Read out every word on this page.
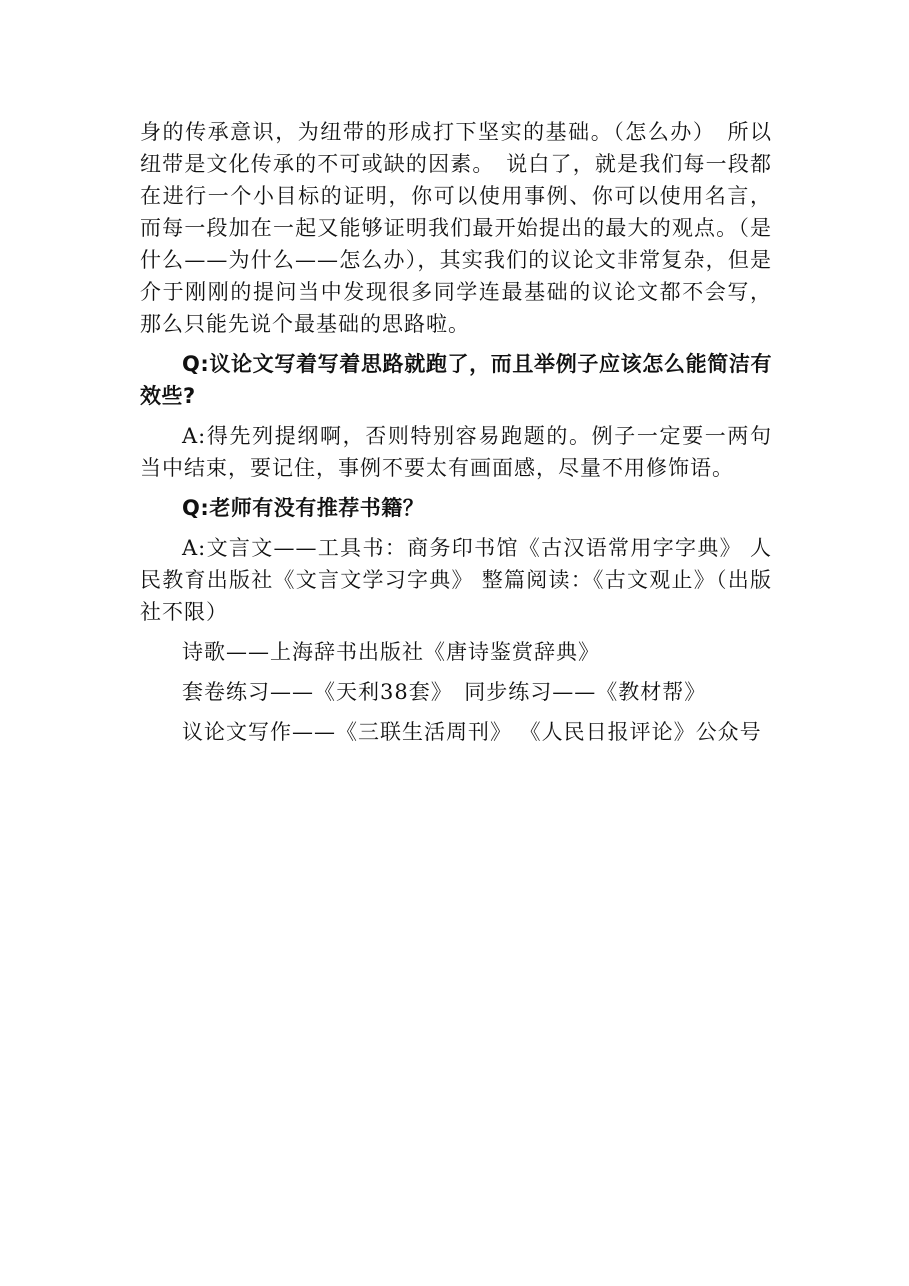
身的传承意识，为纽带的形成打下坚实的基础。（怎么办）　所以纽带是文化传承的不可或缺的因素。　说白了，就是我们每一段都在进行一个小目标的证明，你可以使用事例、你可以使用名言，而每一段加在一起又能够证明我们最开始提出的最大的观点。（是什么——为什么——怎么办），其实我们的议论文非常复杂，但是介于刚刚的提问当中发现很多同学连最基础的议论文都不会写，那么只能先说个最基础的思路啦。

Q:议论文写着写着思路就跑了，而且举例子应该怎么能简洁有效些?

A:得先列提纲啊，否则特别容易跑题的。例子一定要一两句当中结束，要记住，事例不要太有画面感，尽量不用修饰语。

Q:老师有没有推荐书籍？

A:文言文——工具书：商务印书馆《古汉语常用字字典》 人民教育出版社《文言文学习字典》 整篇阅读：《古文观止》（出版社不限）

诗歌——上海辞书出版社《唐诗鉴赏辞典》

套卷练习——《天利38套》　同步练习——《教材帮》

议论文写作——《三联生活周刊》 《人民日报评论》公众号
